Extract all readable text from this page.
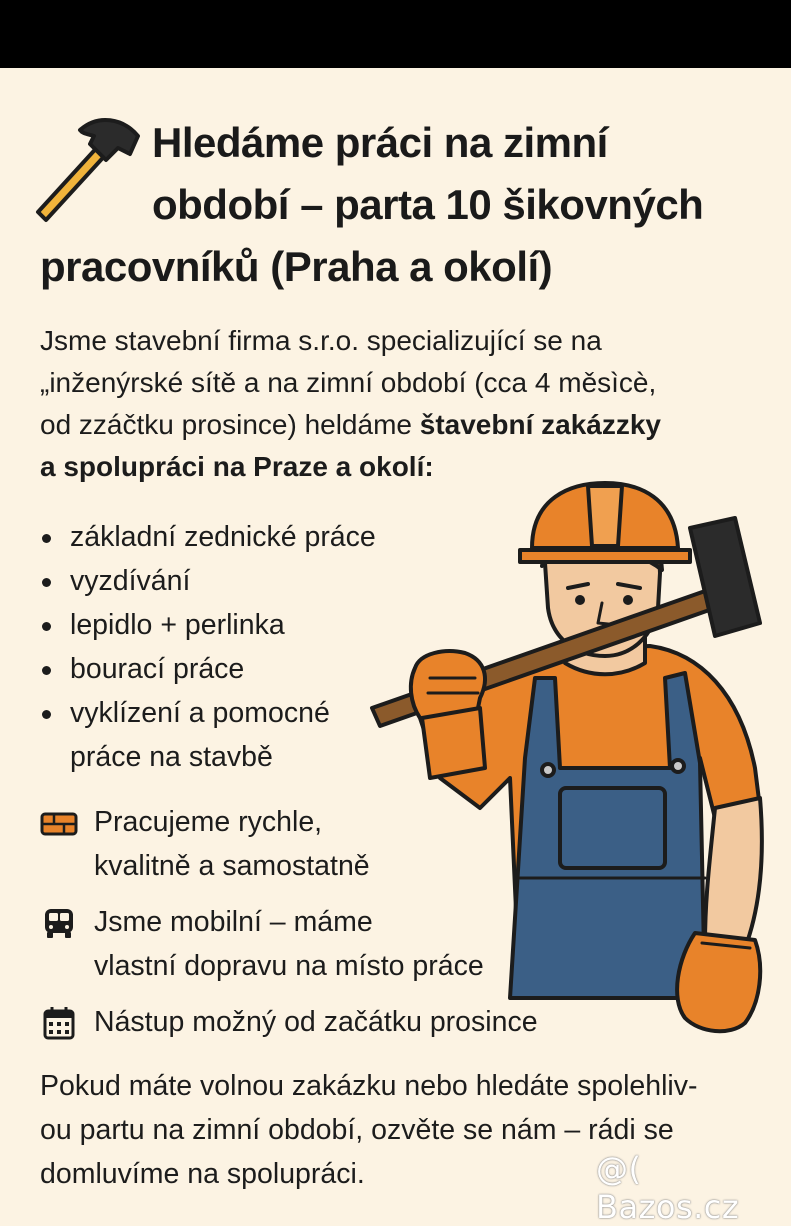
Hledáme práci na zimní
období – parta 10 šikovných
pracovníků (Praha a okolí)

Jsme stavební firma s.r.o. specializující se na
„inženýrské sítě a na zimní období (cca 4 měsìcè,
od zzáčtku prosince) heldáme štavební zakázzky
a spolupráci na Praze a okolí:

základní zednické práce
vyzdívání
lepidlo + perlinka
bourací práce
vyklízení a pomocné
práce na stavbě
Pracujeme rychle,
kvalitně a samostatně
Jsme mobilní – máme
vlastní dopravu na místo práce
Nástup možný od začátku prosince

Pokud máte volnou zakázku nebo hledáte spolehliv-
ou partu na zimní období, ozvěte se nám – rádi se
domluvíme na spolupráci.	@( Bazos.cz
